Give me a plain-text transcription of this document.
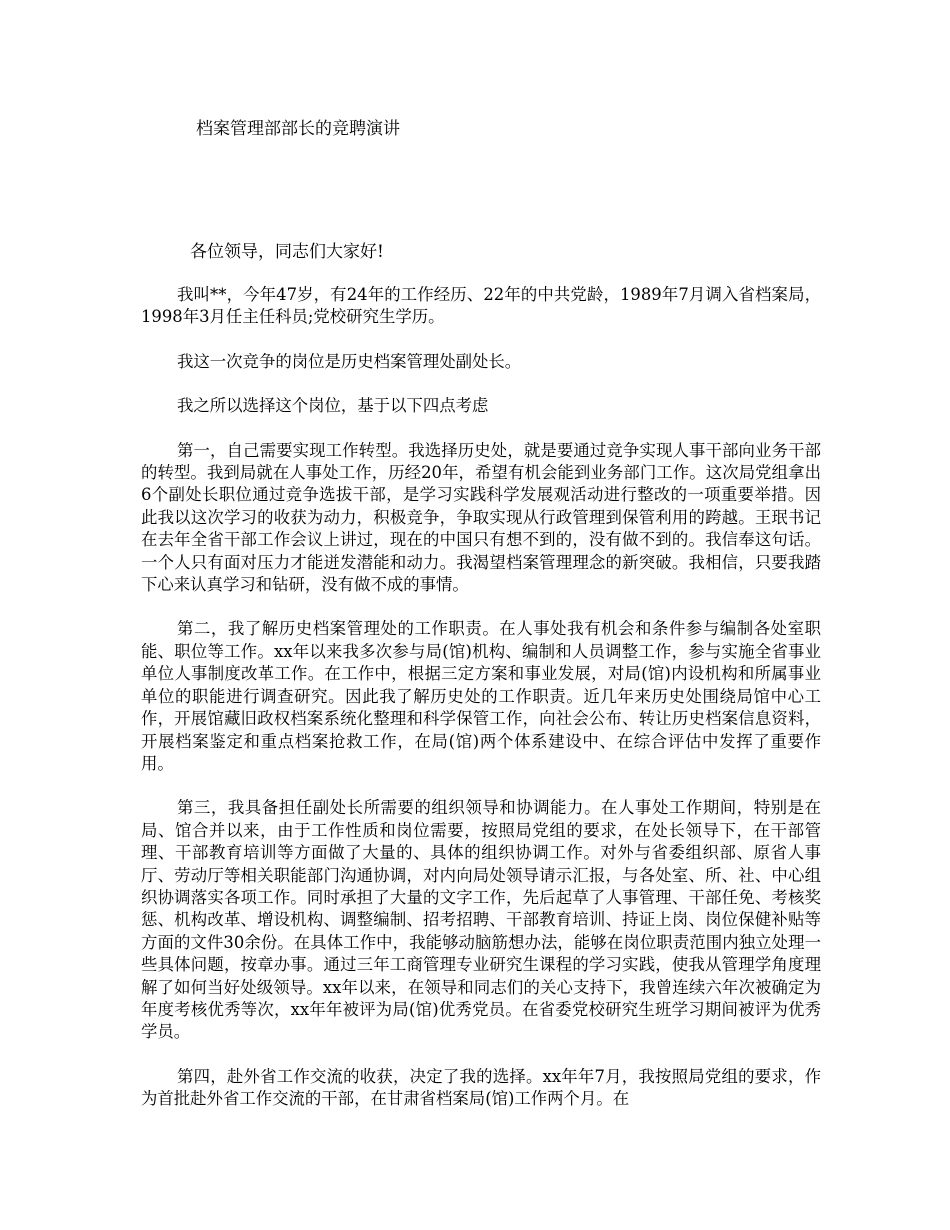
档案管理部部长的竞聘演讲
各位领导，同志们大家好!

我叫**，今年47岁，有24年的工作经历、22年的中共党龄，1989年7月调入省档案局，1998年3月任主任科员;党校研究生学历。

我这一次竞争的岗位是历史档案管理处副处长。

我之所以选择这个岗位，基于以下四点考虑

第一，自己需要实现工作转型。我选择历史处，就是要通过竞争实现人事干部向业务干部的转型。我到局就在人事处工作，历经20年，希望有机会能到业务部门工作。这次局党组拿出6个副处长职位通过竞争选拔干部，是学习实践科学发展观活动进行整改的一项重要举措。因此我以这次学习的收获为动力，积极竞争，争取实现从行政管理到保管利用的跨越。王珉书记在去年全省干部工作会议上讲过，现在的中国只有想不到的，没有做不到的。我信奉这句话。一个人只有面对压力才能迸发潜能和动力。我渴望档案管理理念的新突破。我相信，只要我踏下心来认真学习和钻研，没有做不成的事情。

第二，我了解历史档案管理处的工作职责。在人事处我有机会和条件参与编制各处室职能、职位等工作。xx年以来我多次参与局(馆)机构、编制和人员调整工作，参与实施全省事业单位人事制度改革工作。在工作中，根据三定方案和事业发展，对局(馆)内设机构和所属事业单位的职能进行调查研究。因此我了解历史处的工作职责。近几年来历史处围绕局馆中心工作，开展馆藏旧政权档案系统化整理和科学保管工作，向社会公布、转让历史档案信息资料，开展档案鉴定和重点档案抢救工作，在局(馆)两个体系建设中、在综合评估中发挥了重要作用。

第三，我具备担任副处长所需要的组织领导和协调能力。在人事处工作期间，特别是在局、馆合并以来，由于工作性质和岗位需要，按照局党组的要求，在处长领导下，在干部管理、干部教育培训等方面做了大量的、具体的组织协调工作。对外与省委组织部、原省人事厅、劳动厅等相关职能部门沟通协调，对内向局处领导请示汇报，与各处室、所、社、中心组织协调落实各项工作。同时承担了大量的文字工作，先后起草了人事管理、干部任免、考核奖惩、机构改革、增设机构、调整编制、招考招聘、干部教育培训、持证上岗、岗位保健补贴等方面的文件30余份。在具体工作中，我能够动脑筋想办法，能够在岗位职责范围内独立处理一些具体问题，按章办事。通过三年工商管理专业研究生课程的学习实践，使我从管理学角度理解了如何当好处级领导。xx年以来，在领导和同志们的关心支持下，我曾连续六年次被确定为年度考核优秀等次，xx年年被评为局(馆)优秀党员。在省委党校研究生班学习期间被评为优秀学员。

第四，赴外省工作交流的收获，决定了我的选择。xx年年7月，我按照局党组的要求，作为首批赴外省工作交流的干部，在甘肃省档案局(馆)工作两个月。在
